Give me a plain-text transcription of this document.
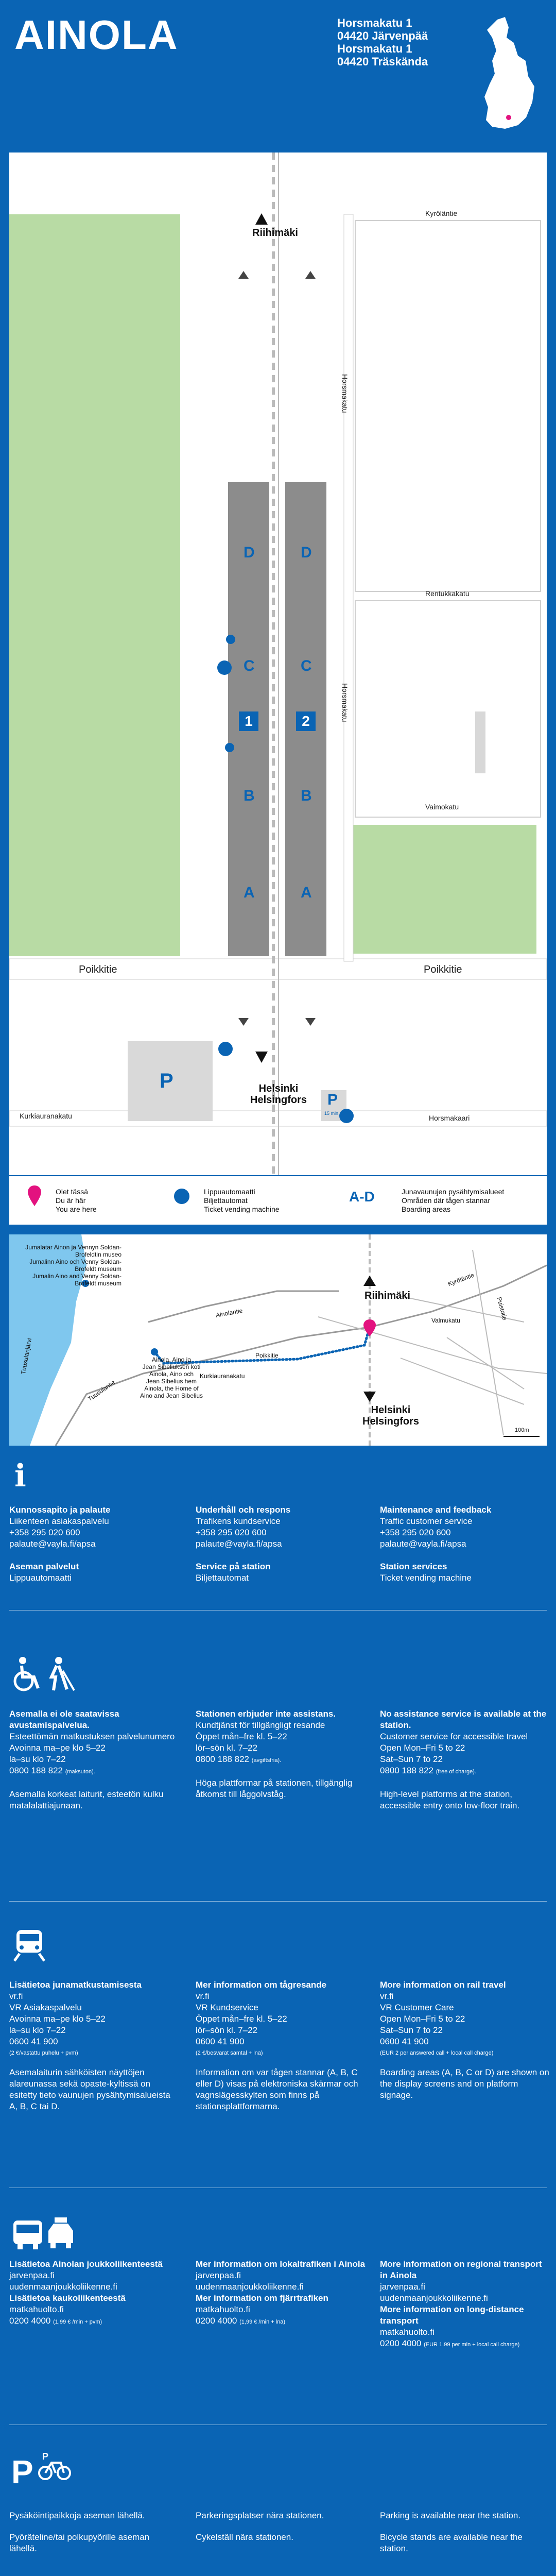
AINOLA	Horsmakatu 1
04420 Järvenpää
Horsmakatu 1
04420 Träskända
Kyröläntie
Horsmakatu
Rentukkakatu
Horsmakatu
Vaimokatu
Poikkitie	Poikkitie
Kurkiauranakatu	Horsmakaari
Riihimäki
Helsinki
Helsingfors
1	2
D
C
B
A
D
C
B
A
P
P
15 min
Olet tässä
Du är här
You are here
Lippuautomaatti
Biljettautomat
Ticket vending machine
A-D	Junavaunujen pysähtymisalueet
Områden där tågen stannar
Boarding areas
Jumalatar Ainon ja Vennyn Soldan-Brofeldtin museo
Jumalinn Aino och Venny Soldan-Brofeldt museum
Jumalin Aino and Venny Soldan-Brofeldt museum
Ainola, Aino ja
Jean Sibeliuksen koti
Ainola, Aino och
Jean Sibelius hem
Ainola, the Home of
Aino and Jean Sibelius
Tuusulanjärvi
Tuusulantie
Ainolantie
Poikkitie
Kurkiauranakatu
Valmukatu
Kyröläntie
Puistotie
Riihimäki
Helsinki
Helsingfors
100m
i
Kunnossapito ja palaute
Liikenteen asiakaspalvelu
+358 295 020 600
palaute@vayla.fi/apsa
Aseman palvelut
Lippuautomaatti
Underhåll och respons
Trafikens kundservice
+358 295 020 600
palaute@vayla.fi/apsa
Service på station
Biljettautomat
Maintenance and feedback
Traffic customer service
+358 295 020 600
palaute@vayla.fi/apsa
Station services
Ticket vending machine
Asemalla ei ole saatavissa avustamispalvelua.
Esteettömän matkustuksen palvelunumero
Avoinna ma–pe klo 5–22
la–su klo 7–22
0800 188 822 (maksuton).
Asemalla korkeat laiturit, esteetön kulku matalalattiajunaan.
Stationen erbjuder inte assistans.
Kundtjänst för tillgängligt resande
Öppet mån–fre kl. 5–22
lör–sön kl. 7–22
0800 188 822 (avgiftsfria).
Höga plattformar på stationen, tillgänglig åtkomst till låggolvståg.
No assistance service is available at the station.
Customer service for accessible travel
Open Mon–Fri 5 to 22
Sat–Sun 7 to 22
0800 188 822 (free of charge).
High-level platforms at the station, accessible entry onto low-floor train.
Lisätietoa junamatkustamisesta
vr.fi
VR Asiakaspalvelu
Avoinna ma–pe klo 5–22
la–su klo 7–22
0600 41 900
(2 €/vastattu puhelu + pvm)
Asemalaiturin sähköisten näyttöjen alareunassa sekä opaste-kyltissä on esitetty tieto vaunujen pysähtymisalueista A, B, C tai D.
Mer information om tågresande
vr.fi
VR Kundservice
Öppet mån–fre kl. 5–22
lör–sön kl. 7–22
0600 41 900
(2 €/besvarat samtal + lna)
Information om var tågen stannar (A, B, C eller D) visas på elektroniska skärmar och vagnslägesskylten som finns på stationsplattformarna.
More information on rail travel
vr.fi
VR Customer Care
Open Mon–Fri 5 to 22
Sat–Sun 7 to 22
0600 41 900
(EUR 2 per answered call + local call charge)
Boarding areas (A, B, C or D) are shown on the display screens and on platform signage.
Lisätietoa Ainolan joukkoliikenteestä
jarvenpaa.fi
uudenmaanjoukkoliikenne.fi
Lisätietoa kaukoliikenteestä
matkahuolto.fi
0200 4000 (1,99 € /min + pvm)
Mer information om lokaltrafiken i Ainola
jarvenpaa.fi
uudenmaanjoukkoliikenne.fi
Mer information om fjärrtrafiken
matkahuolto.fi
0200 4000 (1,99 € /min + lna)
More information on regional transport in Ainola
jarvenpaa.fi
uudenmaanjoukkoliikenne.fi
More information on long-distance transport
matkahuolto.fi
0200 4000 (EUR 1.99 per min + local call charge)
P P
Pysäköintipaikkoja aseman lähellä.
Pyöräteline/tai polkupyörille aseman lähellä.
Parkeringsplatser nära stationen.
Cykelställ nära stationen.
Parking is available near the station.
Bicycle stands are available near the station.
